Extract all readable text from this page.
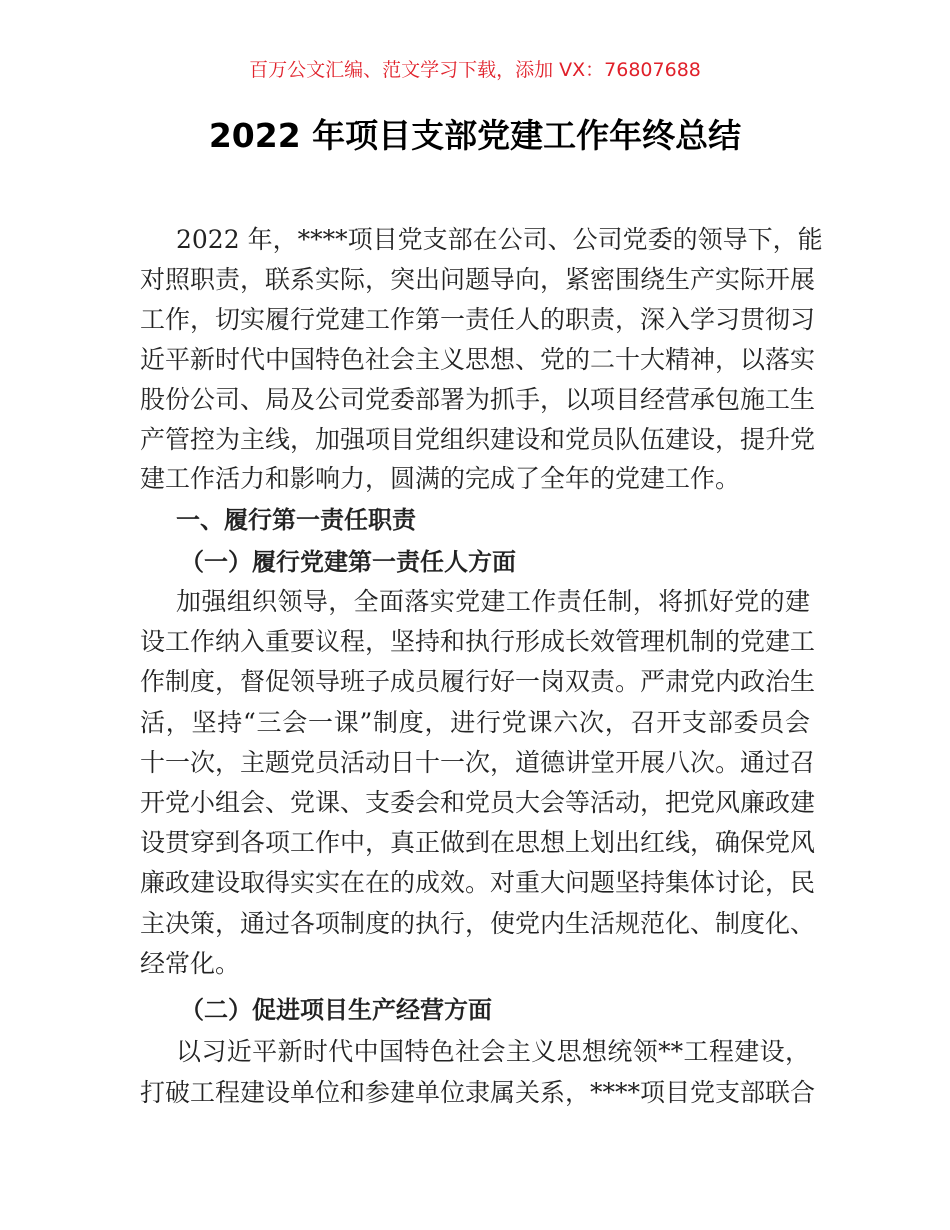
百万公文汇编、范文学习下载，添加 VX：76807688
2022 年项目支部党建工作年终总结
2022 年，****项目党支部在公司、公司党委的领导下，能
对照职责，联系实际，突出问题导向，紧密围绕生产实际开展
工作，切实履行党建工作第一责任人的职责，深入学习贯彻习
近平新时代中国特色社会主义思想、党的二十大精神，以落实
股份公司、局及公司党委部署为抓手，以项目经营承包施工生
产管控为主线，加强项目党组织建设和党员队伍建设，提升党
建工作活力和影响力，圆满的完成了全年的党建工作。
一、履行第一责任职责
（一）履行党建第一责任人方面
加强组织领导，全面落实党建工作责任制，将抓好党的建
设工作纳入重要议程，坚持和执行形成长效管理机制的党建工
作制度，督促领导班子成员履行好一岗双责。严肃党内政治生
活，坚持“三会一课”制度，进行党课六次，召开支部委员会
十一次，主题党员活动日十一次，道德讲堂开展八次。通过召
开党小组会、党课、支委会和党员大会等活动，把党风廉政建
设贯穿到各项工作中，真正做到在思想上划出红线，确保党风
廉政建设取得实实在在的成效。对重大问题坚持集体讨论，民
主决策，通过各项制度的执行，使党内生活规范化、制度化、
经常化。
（二）促进项目生产经营方面
以习近平新时代中国特色社会主义思想统领**工程建设，
打破工程建设单位和参建单位隶属关系，****项目党支部联合
